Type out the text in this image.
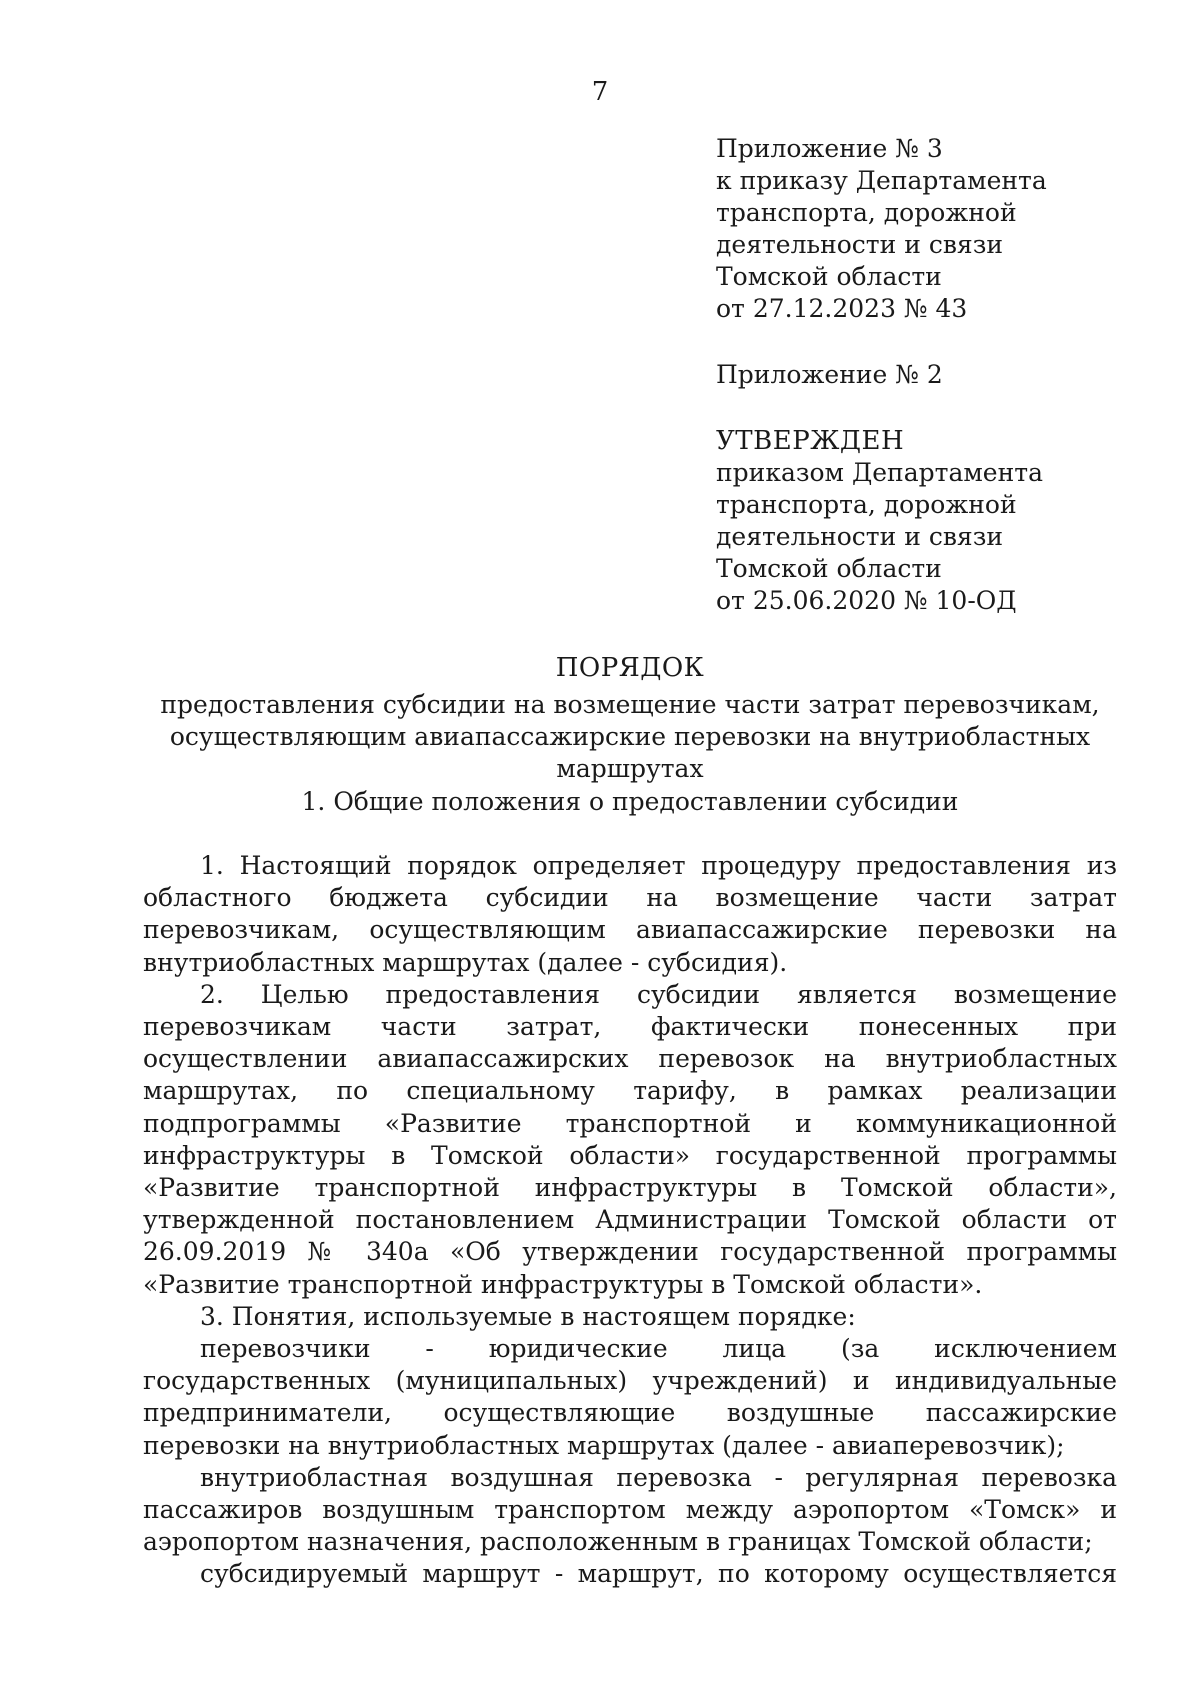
7
Приложение № 3
к приказу Департамента
транспорта, дорожной
деятельности и связи
Томской области
от 27.12.2023 № 43
Приложение № 2
УТВЕРЖДЕН
приказом Департамента
транспорта, дорожной
деятельности и связи
Томской области
от 25.06.2020 № 10-ОД
ПОРЯДОК
предоставления субсидии на возмещение части затрат перевозчикам,
осуществляющим авиапассажирские перевозки на внутриобластных маршрутах
1. Общие положения о предоставлении субсидии

1. Настоящий порядок определяет процедуру предоставления из областного бюджета субсидии на возмещение части затрат перевозчикам, осуществляющим авиапассажирские перевозки на внутриобластных маршрутах (далее - субсидия).

2. Целью предоставления субсидии является возмещение перевозчикам части затрат, фактически понесенных при осуществлении авиапассажирских перевозок на внутриобластных маршрутах, по специальному тарифу, в рамках реализации подпрограммы «Развитие транспортной и коммуникационной инфраструктуры в Томской области» государственной программы «Развитие транспортной инфраструктуры в Томской области», утвержденной постановлением Администрации Томской области от 26.09.2019 № 340а «Об утверждении государственной программы «Развитие транспортной инфраструктуры в Томской области».

3. Понятия, используемые в настоящем порядке:

перевозчики - юридические лица (за исключением государственных (муниципальных) учреждений) и индивидуальные предприниматели, осуществляющие воздушные пассажирские перевозки на внутриобластных маршрутах (далее - авиаперевозчик);

внутриобластная воздушная перевозка - регулярная перевозка пассажиров воздушным транспортом между аэропортом «Томск» и аэропортом назначения, расположенным в границах Томской области;

субсидируемый маршрут - маршрут, по которому осуществляется
